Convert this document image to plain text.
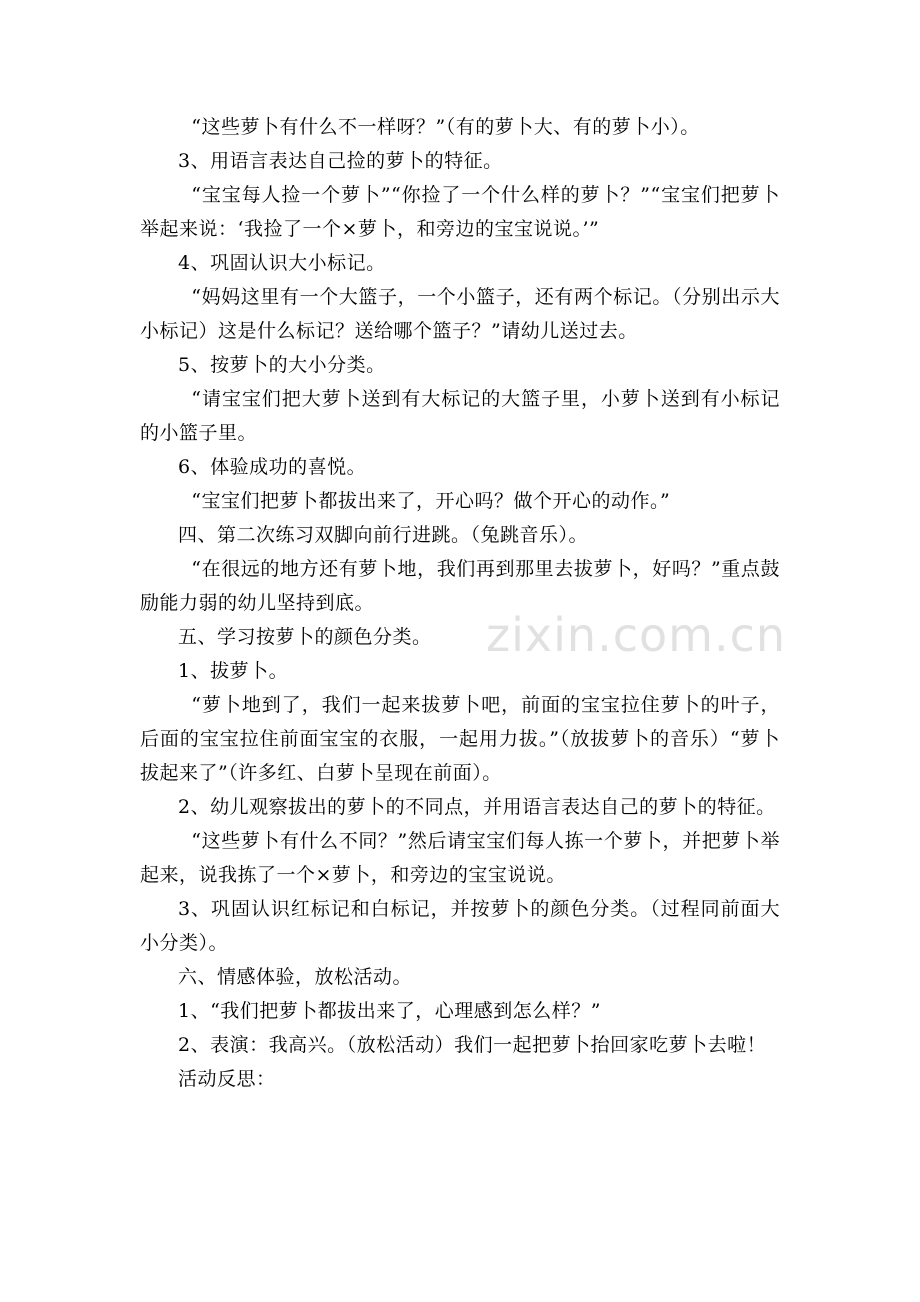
“这些萝卜有什么不一样呀？”（有的萝卜大、有的萝卜小）。

3、用语言表达自己捡的萝卜的特征。

“宝宝每人捡一个萝卜”“你捡了一个什么样的萝卜？”“宝宝们把萝卜举起来说：‘我捡了一个×萝卜，和旁边的宝宝说说。’”

4、巩固认识大小标记。

“妈妈这里有一个大篮子，一个小篮子，还有两个标记。（分别出示大小标记）这是什么标记？送给哪个篮子？”请幼儿送过去。

5、按萝卜的大小分类。

“请宝宝们把大萝卜送到有大标记的大篮子里，小萝卜送到有小标记的小篮子里。

6、体验成功的喜悦。

“宝宝们把萝卜都拔出来了，开心吗？做个开心的动作。”

四、第二次练习双脚向前行进跳。（兔跳音乐）。

“在很远的地方还有萝卜地，我们再到那里去拔萝卜，好吗？”重点鼓励能力弱的幼儿坚持到底。

五、学习按萝卜的颜色分类。

1、拔萝卜。

“萝卜地到了，我们一起来拔萝卜吧，前面的宝宝拉住萝卜的叶子，后面的宝宝拉住前面宝宝的衣服，一起用力拔。”（放拔萝卜的音乐）“萝卜拔起来了”（许多红、白萝卜呈现在前面）。

2、幼儿观察拔出的萝卜的不同点，并用语言表达自己的萝卜的特征。

“这些萝卜有什么不同？”然后请宝宝们每人拣一个萝卜，并把萝卜举起来，说我拣了一个×萝卜，和旁边的宝宝说说。

3、巩固认识红标记和白标记，并按萝卜的颜色分类。（过程同前面大小分类）。

六、情感体验，放松活动。

1、“我们把萝卜都拔出来了，心理感到怎么样？”

2、表演：我高兴。（放松活动）我们一起把萝卜抬回家吃萝卜去啦！

活动反思：

zixin.com.cn
